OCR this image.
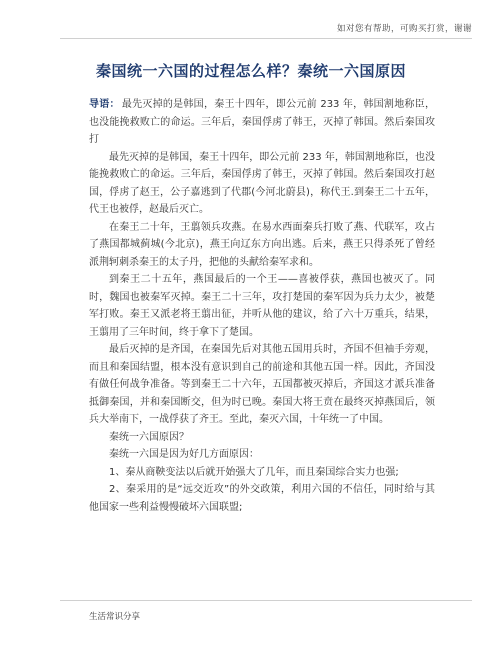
如对您有帮助，可购买打赏，谢谢
秦国统一六国的过程怎么样？秦统一六国原因

导语： 最先灭掉的是韩国，秦王十四年，即公元前 233 年，韩国割地称臣，也没能挽救败亡的命运。三年后，秦国俘虏了韩王，灭掉了韩国。然后秦国攻打

最先灭掉的是韩国，秦王十四年，即公元前 233 年，韩国割地称臣，也没能挽救败亡的命运。三年后，秦国俘虏了韩王，灭掉了韩国。然后秦国攻打赵国，俘虏了赵王，公子嘉逃到了代郡(今河北蔚县)，称代王.到秦王二十五年，代王也被俘，赵最后灭亡。

在秦王二十年，王翦领兵攻燕。在易水西面秦兵打败了燕、代联军，攻占了燕国都城蓟城(今北京)，燕王向辽东方向出逃。后来，燕王只得杀死了曾经派荆轲刺杀秦王的太子丹，把他的头献给秦军求和。

到秦王二十五年，燕国最后的一个王——喜被俘获，燕国也被灭了。同时，魏国也被秦军灭掉。秦王二十三年，攻打楚国的秦军因为兵力太少，被楚军打败。秦王又派老将王翦出征，并听从他的建议，给了六十万重兵，结果，王翦用了三年时间，终于拿下了楚国。

最后灭掉的是齐国，在秦国先后对其他五国用兵时，齐国不但袖手旁观，而且和秦国结盟，根本没有意识到自己的前途和其他五国一样。因此，齐国没有做任何战争准备。等到秦王二十六年，五国都被灭掉后，齐国这才派兵准备抵御秦国，并和秦国断交，但为时已晚。秦国大将王贲在最终灭掉燕国后，领兵大举南下，一战俘获了齐王。至此，秦灭六国，十年统一了中国。

秦统一六国原因？

秦统一六国是因为好几方面原因：

1、秦从商鞅变法以后就开始强大了几年，而且秦国综合实力也强;

2、秦采用的是“远交近攻”的外交政策，利用六国的不信任，同时给与其他国家一些利益慢慢破坏六国联盟;

生活常识分享
